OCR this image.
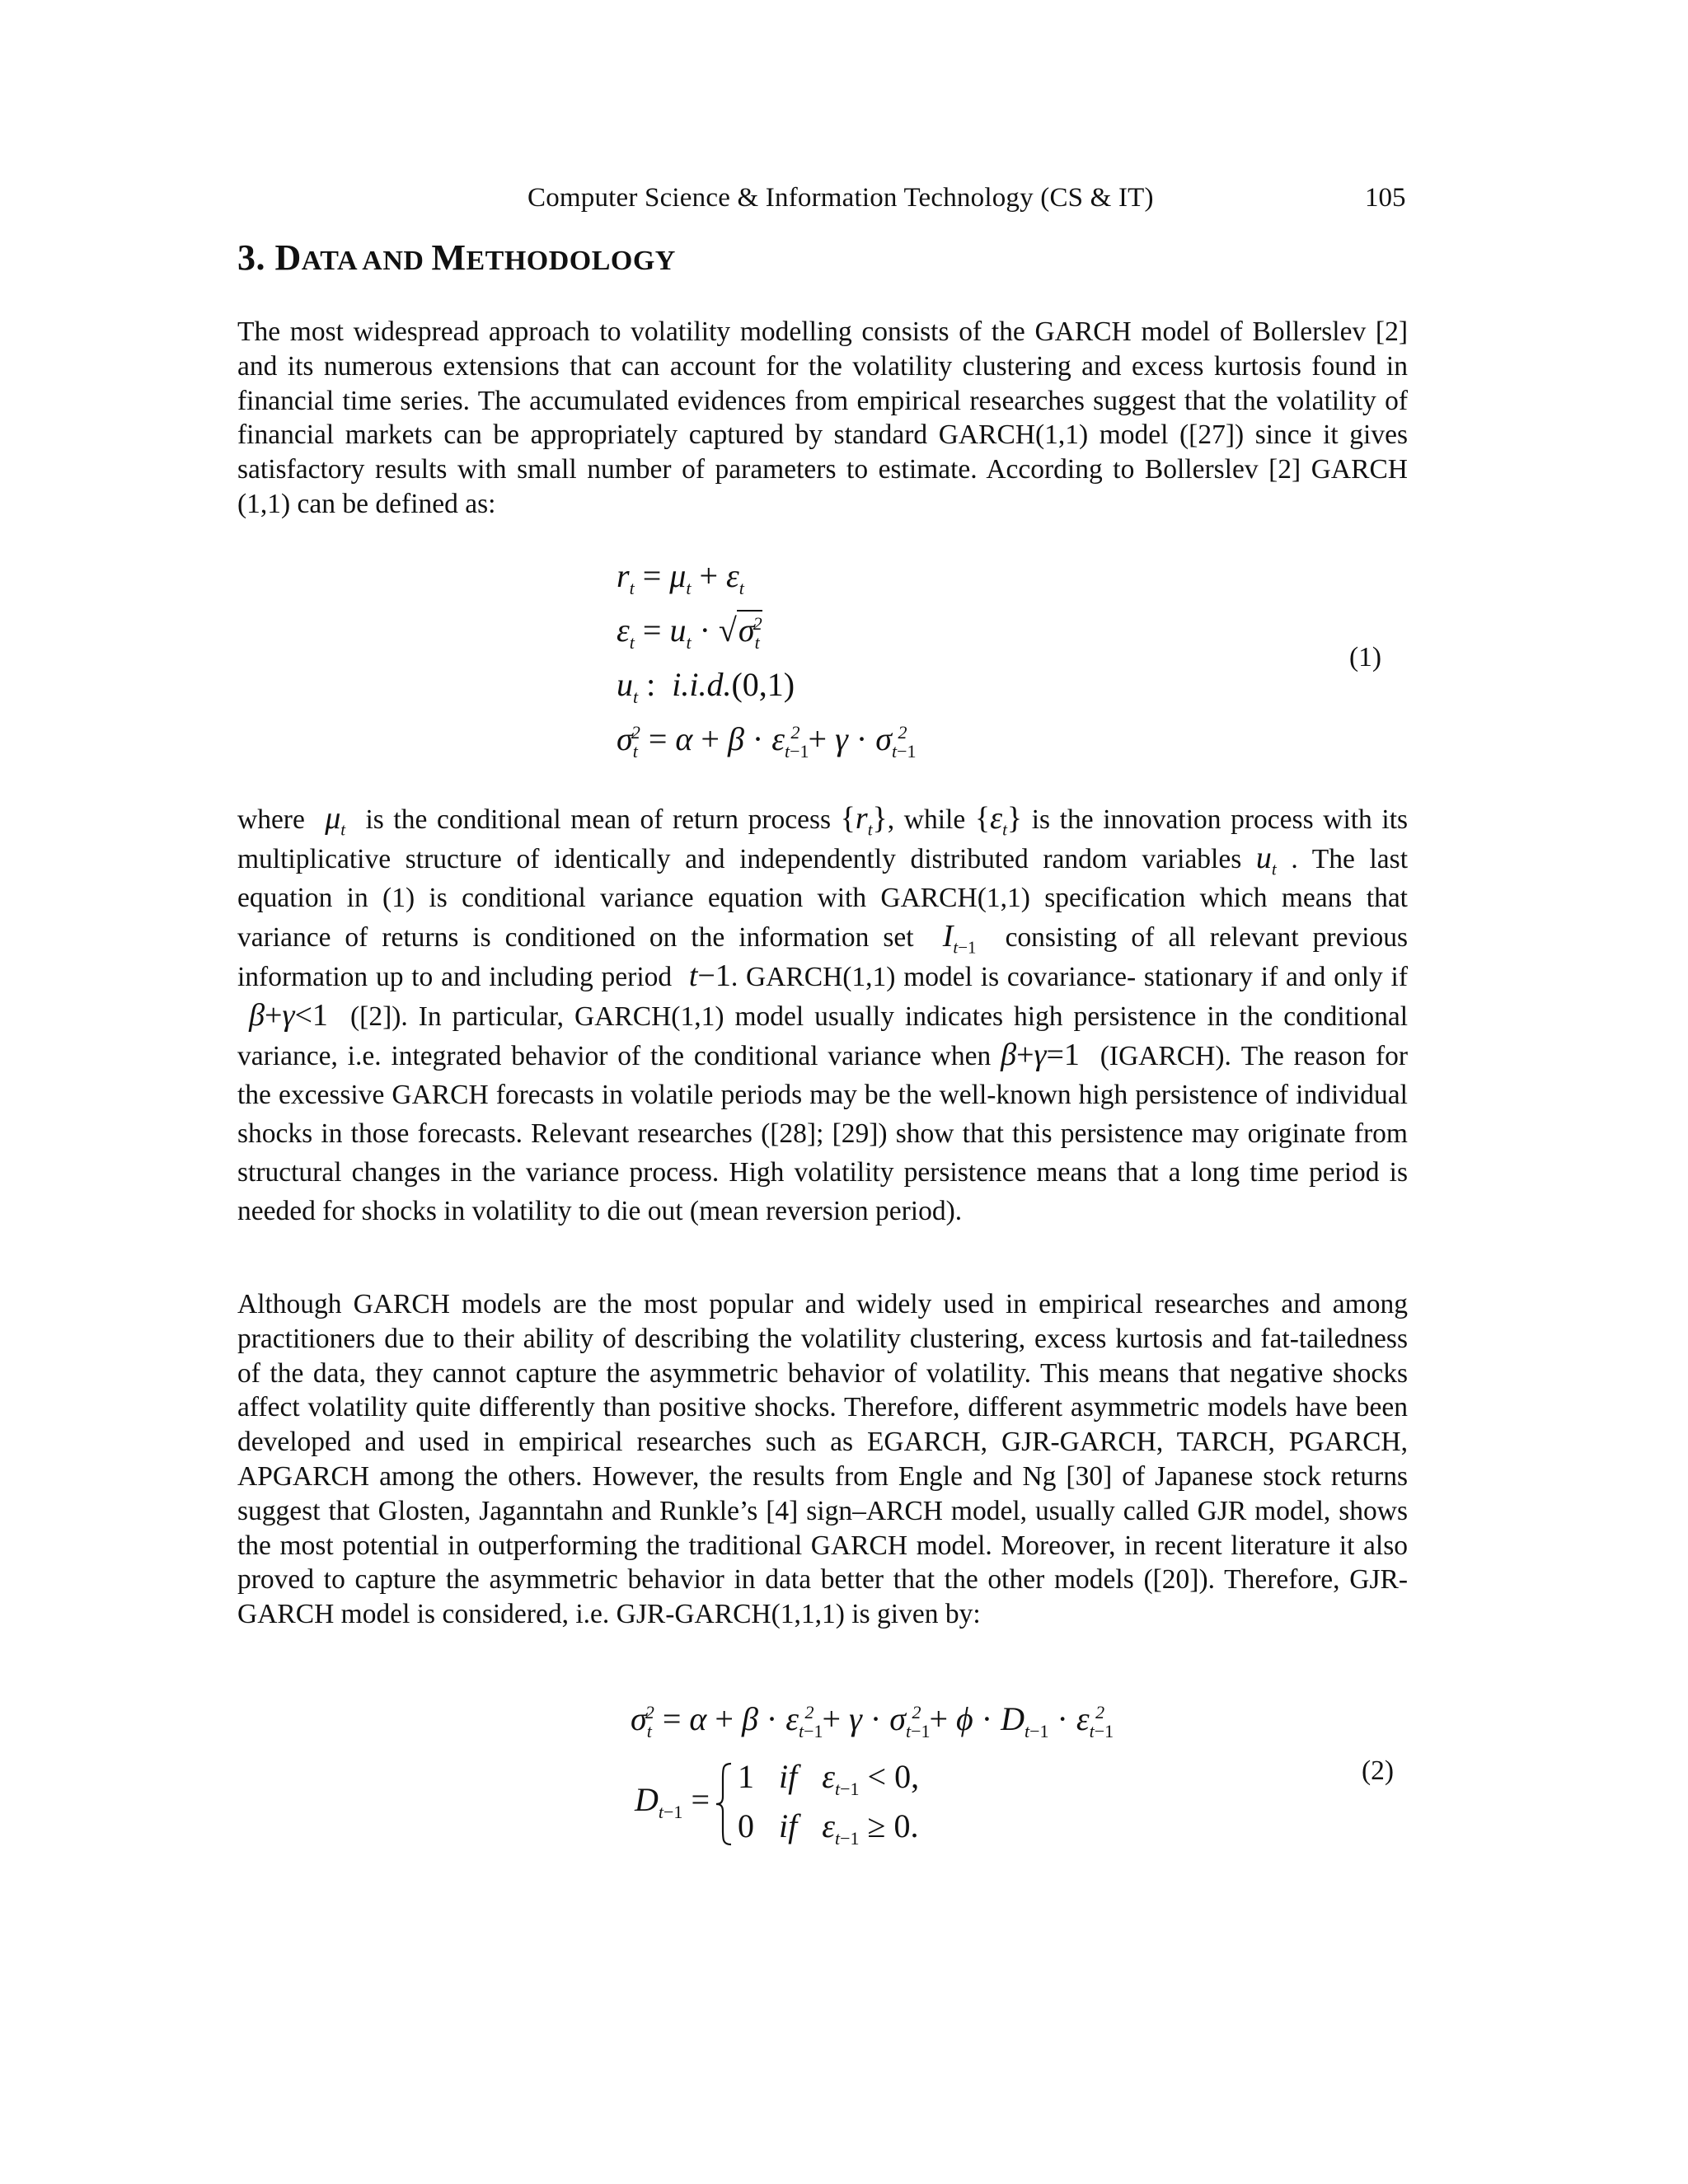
Computer Science & Information Technology (CS & IT)	105
3. DATA AND METHODOLOGY

The most widespread approach to volatility modelling consists of the GARCH model of Bollerslev [2] and its numerous extensions that can account for the volatility clustering and excess kurtosis found in financial time series. The accumulated evidences from empirical researches suggest that the volatility of financial markets can be appropriately captured by standard GARCH(1,1) model ([27]) since it gives satisfactory results with small number of parameters to estimate. According to Bollerslev [2] GARCH (1,1) can be defined as:

$r_t = \mu_t + \varepsilon_t$
$\varepsilon_t = u_t \cdot √\sigma_t^2$
$u_t$ :  i.i.d.(0,1)
$\sigma_t^2 = \alpha + \beta \cdot \varepsilon_{t-1}^2 + \gamma \cdot \sigma_{t-1}^2$
(1)

where  $\mu_t$ is the conditional mean of return process $\{r_t\}$, while $\{\varepsilon_t\}$ is the innovation process with its multiplicative structure of identically and independently distributed random variables $u_t$ . The last equation in (1) is conditional variance equation with GARCH(1,1) specification which means that variance of returns is conditioned on the information set  $I_{t-1}$ consisting of all relevant previous information up to and including period  t−1. GARCH(1,1) model is covariance- stationary if and only if  β+γ<1 ([2]). In particular, GARCH(1,1) model usually indicates high persistence in the conditional variance, i.e. integrated behavior of the conditional variance when β+γ=1 (IGARCH). The reason for the excessive GARCH forecasts in volatile periods may be the well-known high persistence of individual shocks in those forecasts. Relevant researches ([28]; [29]) show that this persistence may originate from structural changes in the variance process. High volatility persistence means that a long time period is needed for shocks in volatility to die out (mean reversion period).

Although GARCH models are the most popular and widely used in empirical researches and among practitioners due to their ability of describing the volatility clustering, excess kurtosis and fat-tailedness of the data, they cannot capture the asymmetric behavior of volatility. This means that negative shocks affect volatility quite differently than positive shocks. Therefore, different asymmetric models have been developed and used in empirical researches such as EGARCH, GJR-GARCH, TARCH, PGARCH, APGARCH among the others. However, the results from Engle and Ng [30] of Japanese stock returns suggest that Glosten, Jaganntahn and Runkle’s [4] sign–ARCH model, usually called GJR model, shows the most potential in outperforming the traditional GARCH model. Moreover, in recent literature it also proved to capture the asymmetric behavior in data better that the other models ([20]). Therefore, GJR-GARCH model is considered, i.e. GJR-GARCH(1,1,1) is given by:

$\sigma_t^2 = \alpha + \beta \cdot \varepsilon_{t-1}^2 + \gamma \cdot \sigma_{t-1}^2 + \phi \cdot D_{t-1} \cdot \varepsilon_{t-1}^2$
$D_{t-1}$ =
1 if   $\varepsilon_{t-1} < 0$,
0 if   $\varepsilon_{t-1} \ge 0$.
(2)
